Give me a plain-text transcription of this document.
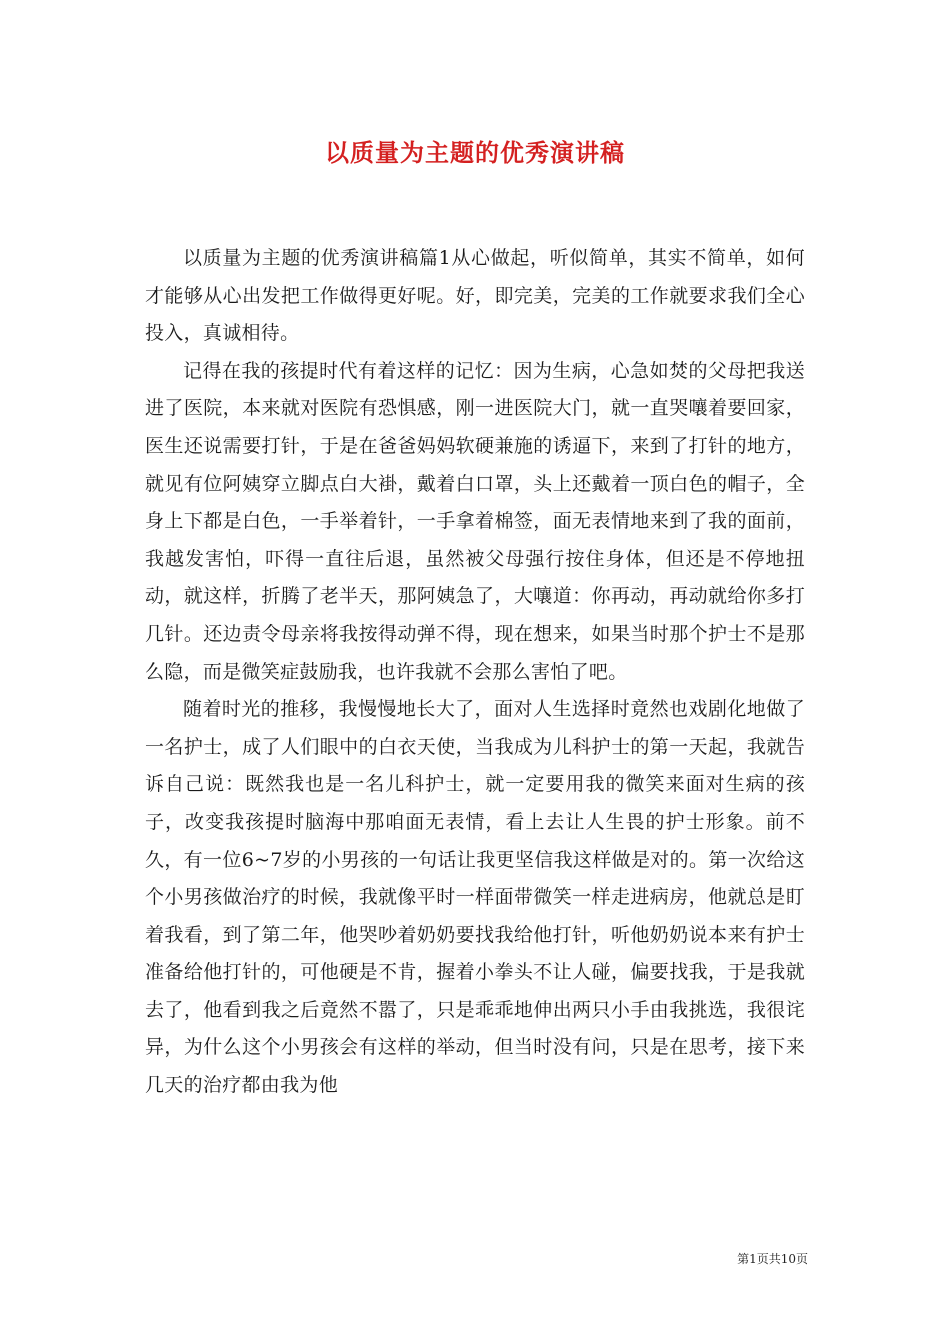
以质量为主题的优秀演讲稿

以质量为主题的优秀演讲稿篇1从心做起，听似简单，其实不简单，如何才能够从心出发把工作做得更好呢。好，即完美，完美的工作就要求我们全心投入，真诚相待。

记得在我的孩提时代有着这样的记忆：因为生病，心急如焚的父母把我送进了医院，本来就对医院有恐惧感，刚一进医院大门，就一直哭嚷着要回家，医生还说需要打针，于是在爸爸妈妈软硬兼施的诱逼下，来到了打针的地方，就见有位阿姨穿立脚点白大褂，戴着白口罩，头上还戴着一顶白色的帽子，全身上下都是白色，一手举着针，一手拿着棉签，面无表情地来到了我的面前，我越发害怕，吓得一直往后退，虽然被父母强行按住身体，但还是不停地扭动，就这样，折腾了老半天，那阿姨急了，大嚷道：你再动，再动就给你多打几针。还边责令母亲将我按得动弹不得，现在想来，如果当时那个护士不是那么隐，而是微笑症鼓励我，也许我就不会那么害怕了吧。

随着时光的推移，我慢慢地长大了，面对人生选择时竟然也戏剧化地做了一名护士，成了人们眼中的白衣天使，当我成为儿科护士的第一天起，我就告诉自己说：既然我也是一名儿科护士，就一定要用我的微笑来面对生病的孩子，改变我孩提时脑海中那咱面无表情，看上去让人生畏的护士形象。前不久，有一位6~7岁的小男孩的一句话让我更坚信我这样做是对的。第一次给这个小男孩做治疗的时候，我就像平时一样面带微笑一样走进病房，他就总是盯着我看，到了第二年，他哭吵着奶奶要找我给他打针，听他奶奶说本来有护士准备给他打针的，可他硬是不肯，握着小拳头不让人碰，偏要找我，于是我就去了，他看到我之后竟然不嚣了，只是乖乖地伸出两只小手由我挑选，我很诧异，为什么这个小男孩会有这样的举动，但当时没有问，只是在思考，接下来几天的治疗都由我为他

第1页共10页
